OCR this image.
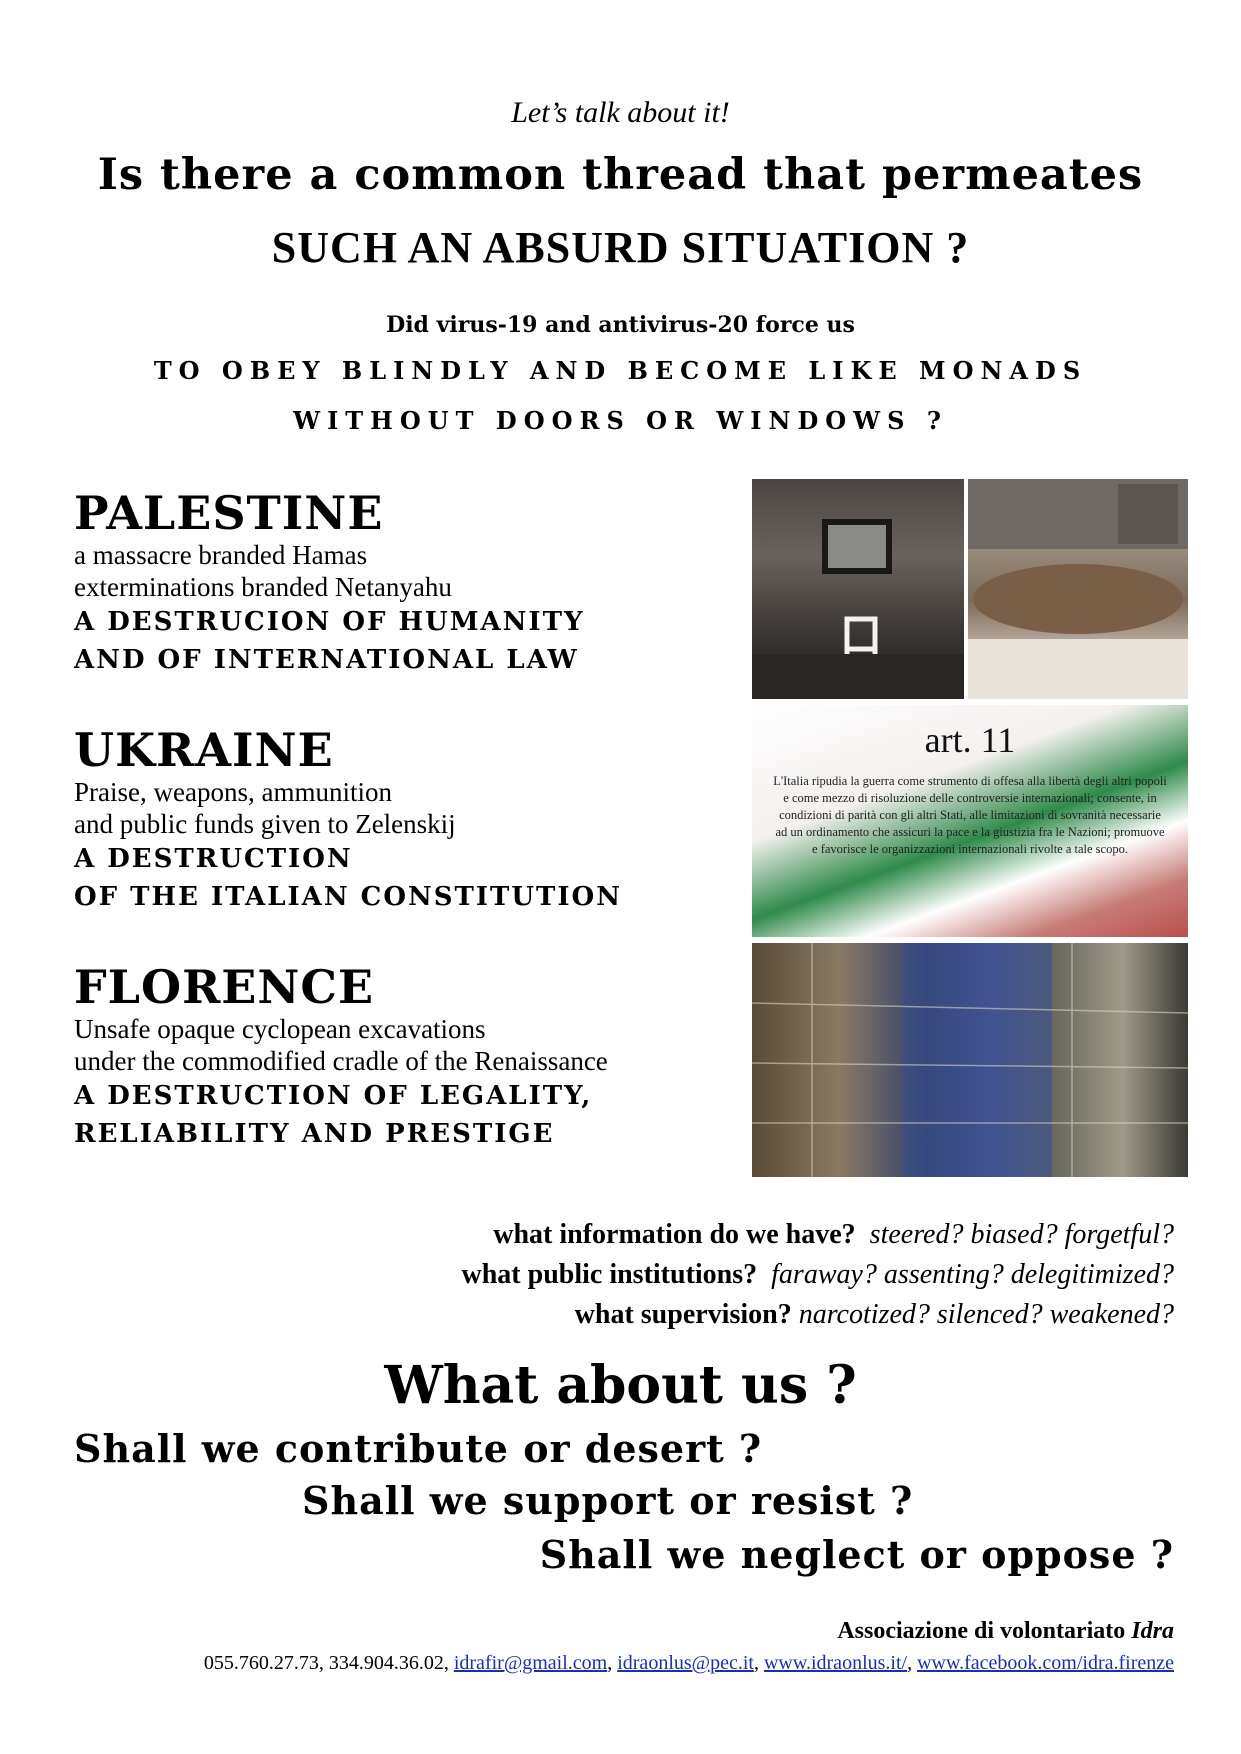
Let’s talk about it!
Is there a common thread that permeates
SUCH AN ABSURD SITUATION ?
Did virus-19 and antivirus-20 force us
TO OBEY BLINDLY AND BECOME LIKE MONADS
WITHOUT DOORS OR WINDOWS ?
PALESTINE
a massacre branded Hamas
exterminations branded Netanyahu
A DESTRUCION OF HUMANITY
AND OF INTERNATIONAL LAW
UKRAINE
Praise, weapons, ammunition
and public funds given to Zelenskij
A DESTRUCTION
OF THE ITALIAN CONSTITUTION
FLORENCE
Unsafe opaque cyclopean excavations
under the commodified cradle of the Renaissance
A DESTRUCTION OF LEGALITY,
RELIABILITY AND PRESTIGE
art. 11
L'Italia ripudia la guerra come strumento di offesa alla libertà degli altri popoli e come mezzo di risoluzione delle controversie internazionali; consente, in condizioni di parità con gli altri Stati, alle limitazioni di sovranità necessarie ad un ordinamento che assicuri la pace e la giustizia fra le Nazioni; promuove e favorisce le organizzazioni internazionali rivolte a tale scopo.
what information do we have? steered? biased? forgetful?
what public institutions? faraway? assenting? delegitimized?
what supervision? narcotized? silenced? weakened?
What about us ?
Shall we contribute or desert ?
Shall we support or resist ?
Shall we neglect or oppose ?
Associazione di volontariato Idra
055.760.27.73, 334.904.36.02, idrafir@gmail.com, idraonlus@pec.it, www.idraonlus.it/, www.facebook.com/idra.firenze
